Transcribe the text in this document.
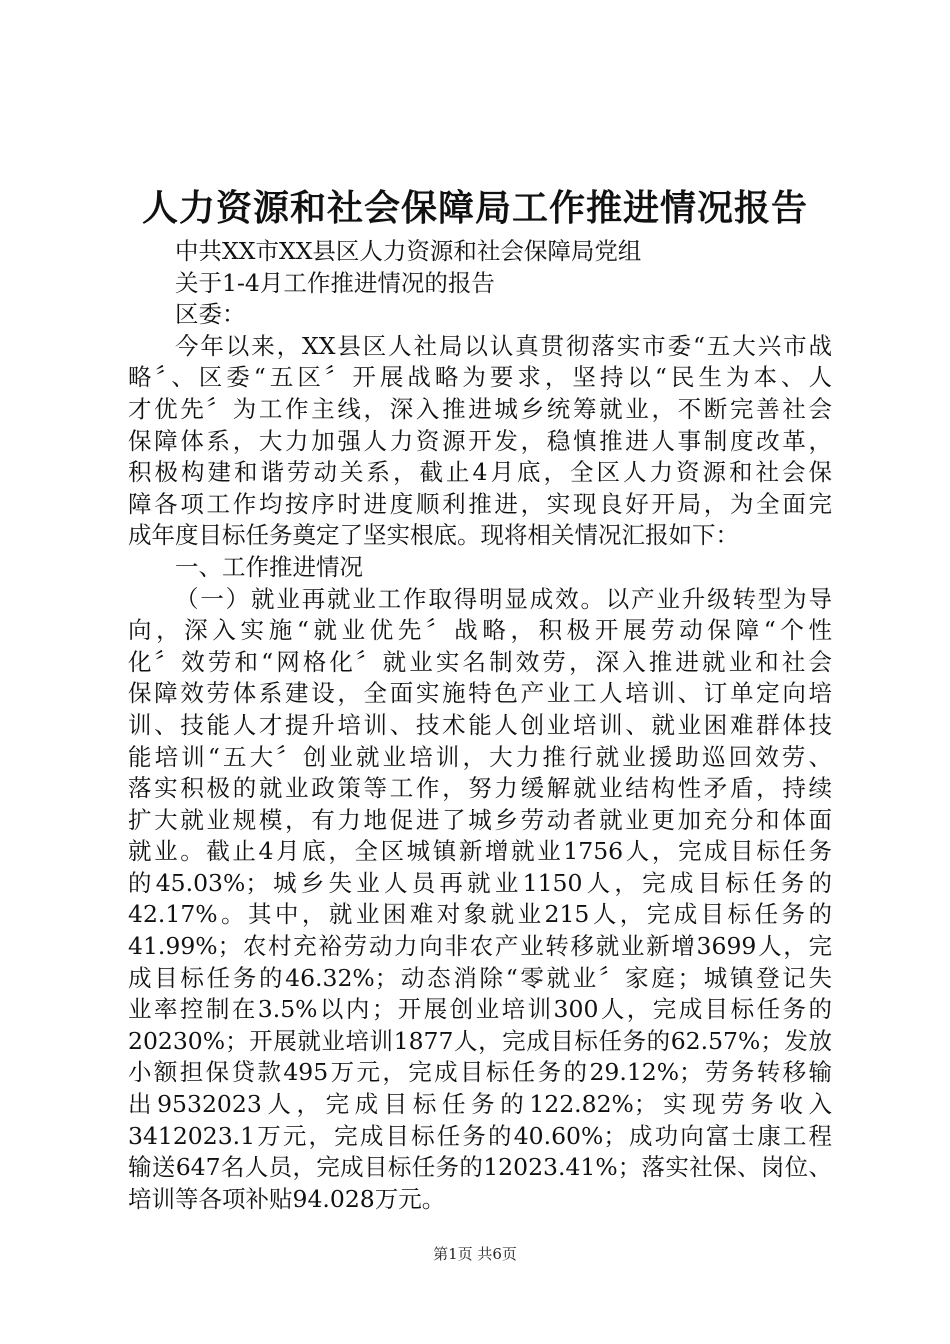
人力资源和社会保障局工作推进情况报告
中共XX市XX县区人力资源和社会保障局党组
关于1-4月工作推进情况的报告
区委：
今年以来，XX县区人社局以认真贯彻落实市委“五大兴市战
略〞、区委“五区〞开展战略为要求，坚持以“民生为本、人
才优先〞为工作主线，深入推进城乡统筹就业，不断完善社会
保障体系，大力加强人力资源开发，稳慎推进人事制度改革，
积极构建和谐劳动关系，截止4月底，全区人力资源和社会保
障各项工作均按序时进度顺利推进，实现良好开局，为全面完
成年度目标任务奠定了坚实根底。现将相关情况汇报如下：
一、工作推进情况
（一）就业再就业工作取得明显成效。以产业升级转型为导
向，深入实施“就业优先〞战略，积极开展劳动保障“个性
化〞效劳和“网格化〞就业实名制效劳，深入推进就业和社会
保障效劳体系建设，全面实施特色产业工人培训、订单定向培
训、技能人才提升培训、技术能人创业培训、就业困难群体技
能培训“五大〞创业就业培训，大力推行就业援助巡回效劳、
落实积极的就业政策等工作，努力缓解就业结构性矛盾，持续
扩大就业规模，有力地促进了城乡劳动者就业更加充分和体面
就业。截止4月底，全区城镇新增就业1756人，完成目标任务
的45.03%；城乡失业人员再就业1150人，完成目标任务的
42.17%。其中，就业困难对象就业215人，完成目标任务的
41.99%；农村充裕劳动力向非农产业转移就业新增3699人，完
成目标任务的46.32%；动态消除“零就业〞家庭；城镇登记失
业率控制在3.5%以内；开展创业培训300人，完成目标任务的
20230%；开展就业培训1877人，完成目标任务的62.57%；发放
小额担保贷款495万元，完成目标任务的29.12%；劳务转移输
出9532023人，完成目标任务的122.82%；实现劳务收入
3412023.1万元，完成目标任务的40.60%；成功向富士康工程
输送647名人员，完成目标任务的12023.41%；落实社保、岗位、
培训等各项补贴94.028万元。
第1页 共6页
